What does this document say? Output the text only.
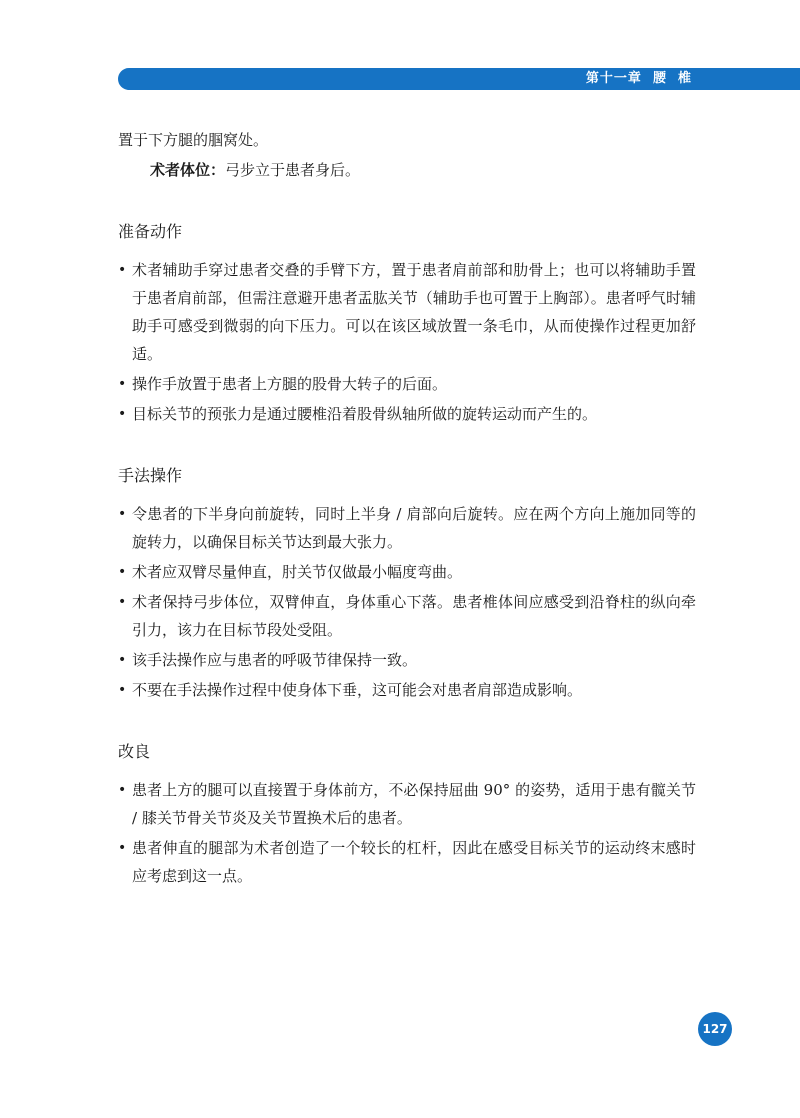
第十一章  腰  椎

置于下方腿的腘窝处。

术者体位：弓步立于患者身后。

准备动作
• 术者辅助手穿过患者交叠的手臂下方，置于患者肩前部和肋骨上；也可以将辅助手置于患者肩前部，但需注意避开患者盂肱关节（辅助手也可置于上胸部）。患者呼气时辅助手可感受到微弱的向下压力。可以在该区域放置一条毛巾，从而使操作过程更加舒适。
• 操作手放置于患者上方腿的股骨大转子的后面。
• 目标关节的预张力是通过腰椎沿着股骨纵轴所做的旋转运动而产生的。
手法操作
• 令患者的下半身向前旋转，同时上半身 / 肩部向后旋转。应在两个方向上施加同等的旋转力，以确保目标关节达到最大张力。
• 术者应双臂尽量伸直，肘关节仅做最小幅度弯曲。
• 术者保持弓步体位，双臂伸直，身体重心下落。患者椎体间应感受到沿脊柱的纵向牵引力，该力在目标节段处受阻。
• 该手法操作应与患者的呼吸节律保持一致。
• 不要在手法操作过程中使身体下垂，这可能会对患者肩部造成影响。
改良
• 患者上方的腿可以直接置于身体前方，不必保持屈曲 90° 的姿势，适用于患有髋关节 / 膝关节骨关节炎及关节置换术后的患者。
• 患者伸直的腿部为术者创造了一个较长的杠杆，因此在感受目标关节的运动终末感时应考虑到这一点。
127
